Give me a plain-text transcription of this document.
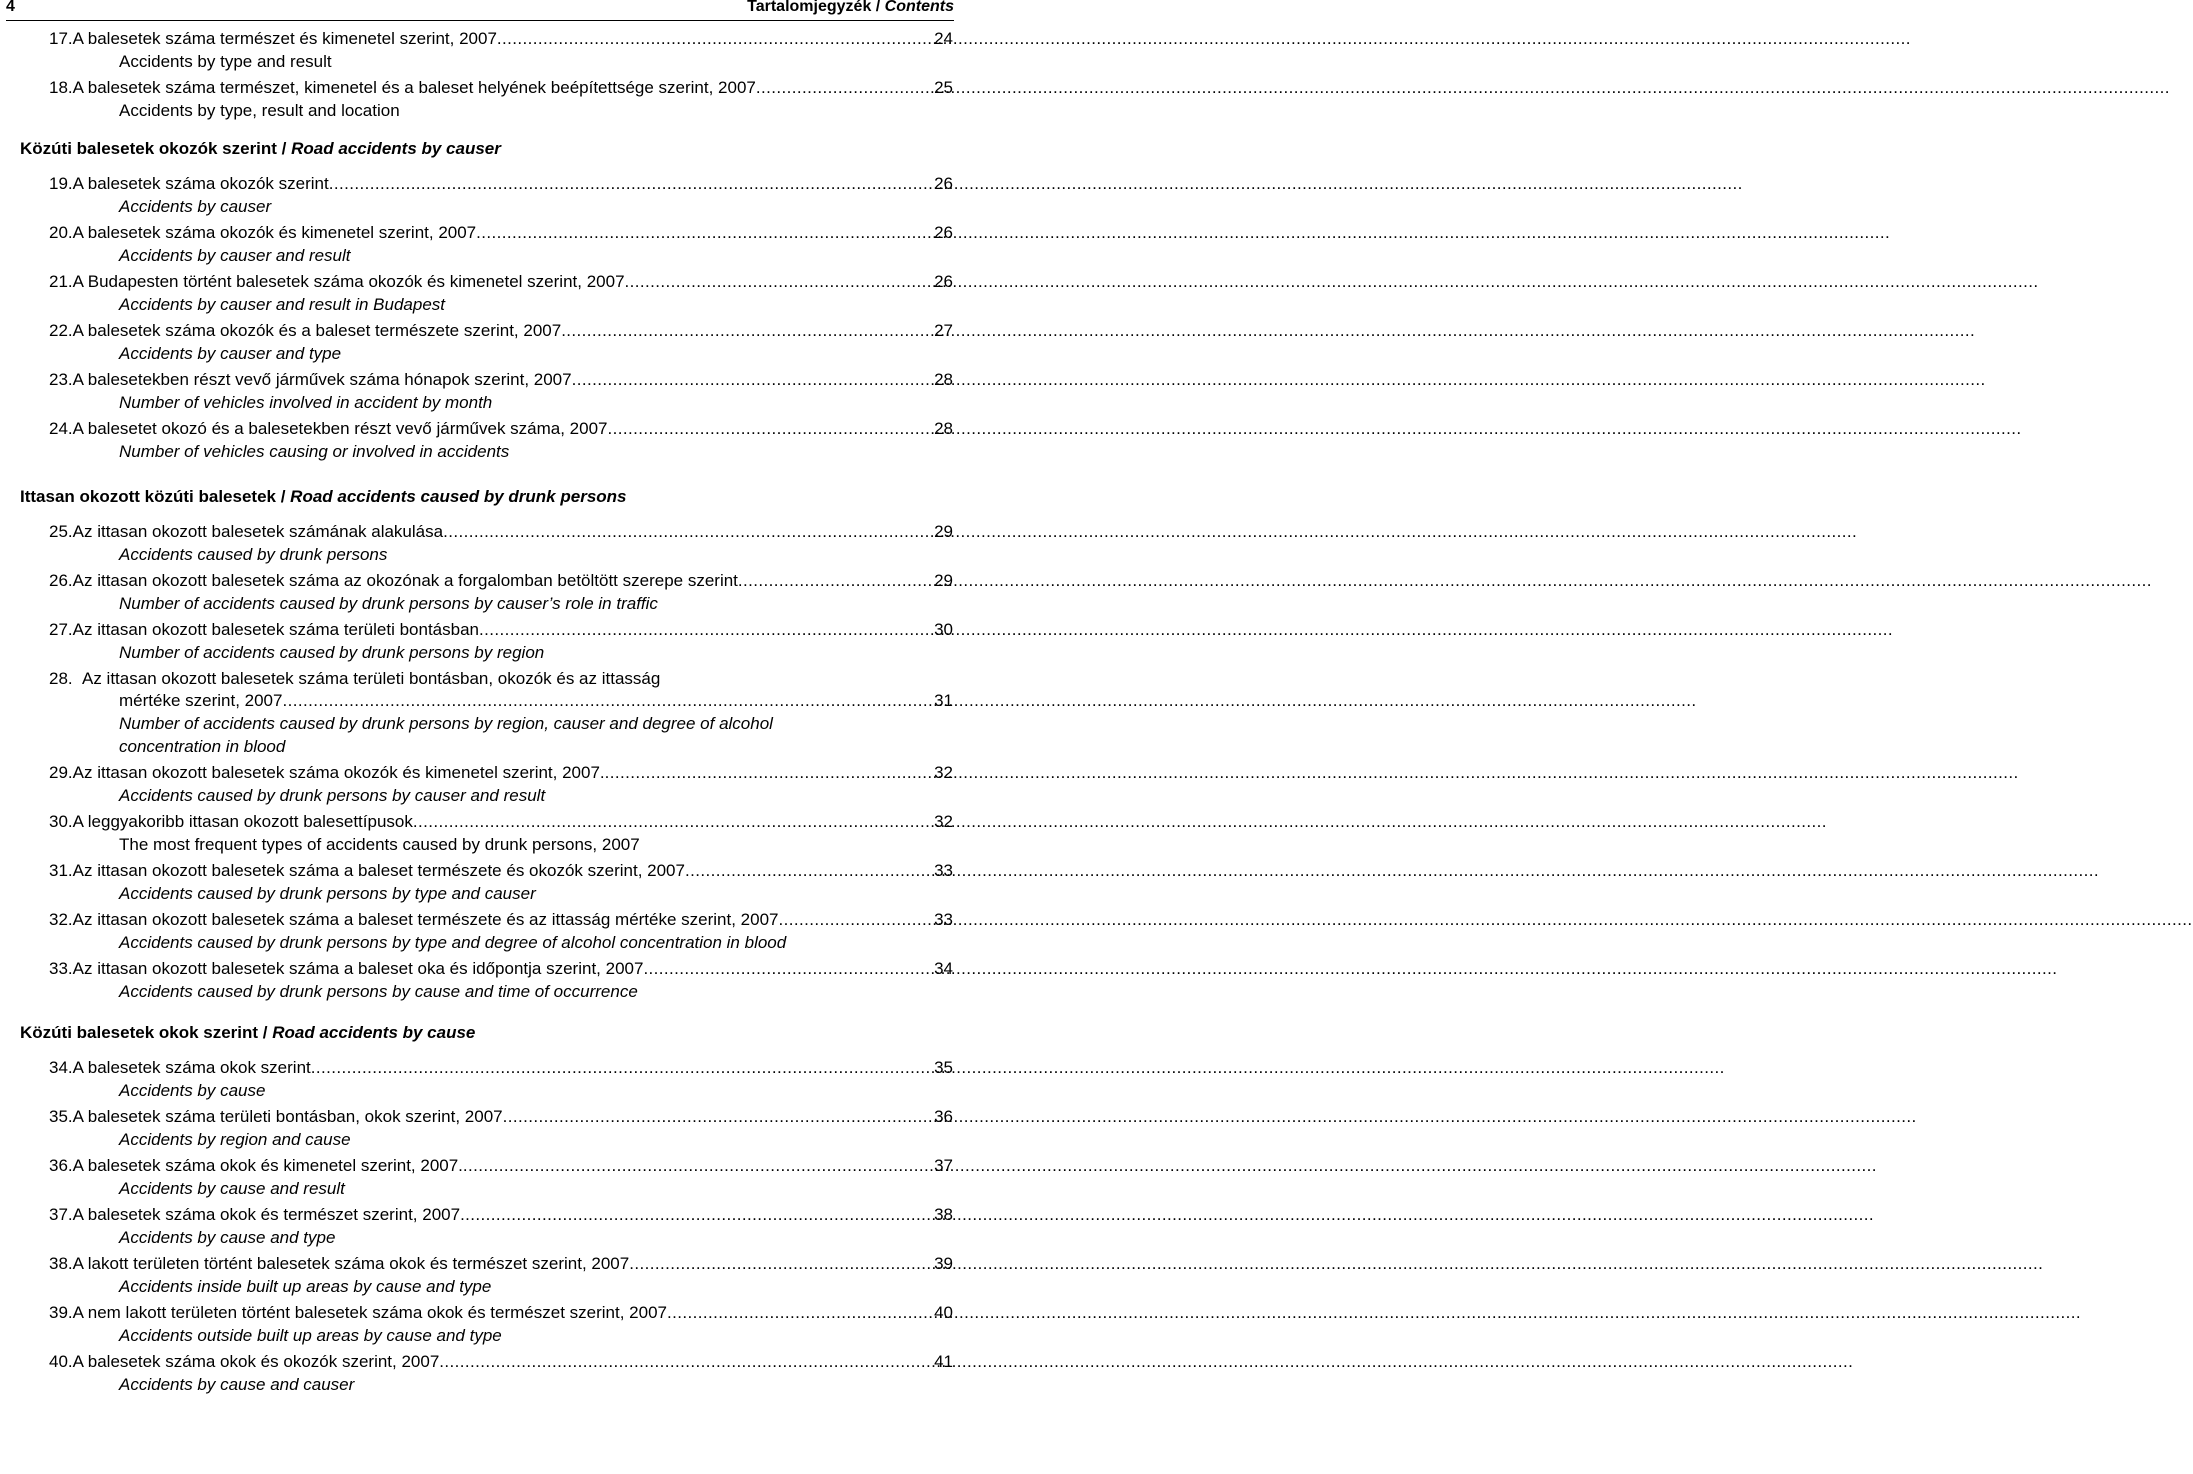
4	Tartalomjegyzék / Contents
17. A balesetek száma természet és kimenetel szerint, 2007 .....	24
Accidents by type and result
18. A balesetek száma természet, kimenetel és a baleset helyének beépítettsége szerint, 2007 .....	25
Accidents by type, result and location
Közúti balesetek okozók szerint / Road accidents by causer
19. A balesetek száma okozók szerint .....	26
Accidents by causer
20. A balesetek száma okozók és kimenetel szerint, 2007 .....	26
Accidents by causer and result
21. A Budapesten történt balesetek száma okozók és kimenetel szerint, 2007 .....	26
Accidents by causer and result in Budapest
22. A balesetek száma okozók és a baleset természete szerint, 2007 .....	27
Accidents by causer and type
23. A balesetekben részt vevő járművek száma hónapok szerint, 2007 .....	28
Number of vehicles involved in accident by month
24. A balesetet okozó és a balesetekben részt vevő járművek száma, 2007 .....	28
Number of vehicles causing or involved in accidents
Ittasan okozott közúti balesetek / Road accidents caused by drunk persons
25. Az ittasan okozott balesetek számának alakulása .....	29
Accidents caused by drunk persons
26. Az ittasan okozott balesetek száma az okozónak a forgalomban betöltött szerepe szerint .....	29
Number of accidents caused by drunk persons by causer’s role in traffic
27. Az ittasan okozott balesetek száma területi bontásban .....	30
Number of accidents caused by drunk persons by region
28. Az ittasan okozott balesetek száma területi bontásban, okozók és az ittasság
mértéke szerint, 2007 .....	31
Number of accidents caused by drunk persons by region, causer and degree of alcohol
concentration in blood
29. Az ittasan okozott balesetek száma okozók és kimenetel szerint, 2007. .....	32
Accidents caused by drunk persons by causer and result
30. A leggyakoribb ittasan okozott balesettípusok .....	32
The most frequent types of accidents caused by drunk persons, 2007
31. Az ittasan okozott balesetek száma a baleset természete és okozók szerint, 2007 .....	33
Accidents caused by drunk persons by type and causer
32. Az ittasan okozott balesetek száma a baleset természete és az ittasság mértéke szerint, 2007 .....	33
Accidents caused by drunk persons by type and degree of alcohol concentration in blood
33. Az ittasan okozott balesetek száma a baleset oka és időpontja szerint, 2007 .....	34
Accidents caused by drunk persons by cause and time of occurrence
Közúti balesetek okok szerint / Road accidents by cause
34. A balesetek száma okok szerint .....	35
Accidents by cause
35. A balesetek száma területi bontásban, okok szerint, 2007 .....	36
Accidents by region and cause
36. A balesetek száma okok és kimenetel szerint, 2007. .....	37
Accidents by cause and result
37. A balesetek száma okok és természet szerint, 2007 .....	38
Accidents by cause and type
38. A lakott területen történt balesetek száma okok és természet szerint, 2007 .....	39
Accidents inside built up areas by cause and type
39. A nem lakott területen történt balesetek száma okok és természet szerint, 2007 .....	40
Accidents outside built up areas by cause and type
40. A balesetek száma okok és okozók szerint, 2007 .....	41
Accidents by cause and causer
